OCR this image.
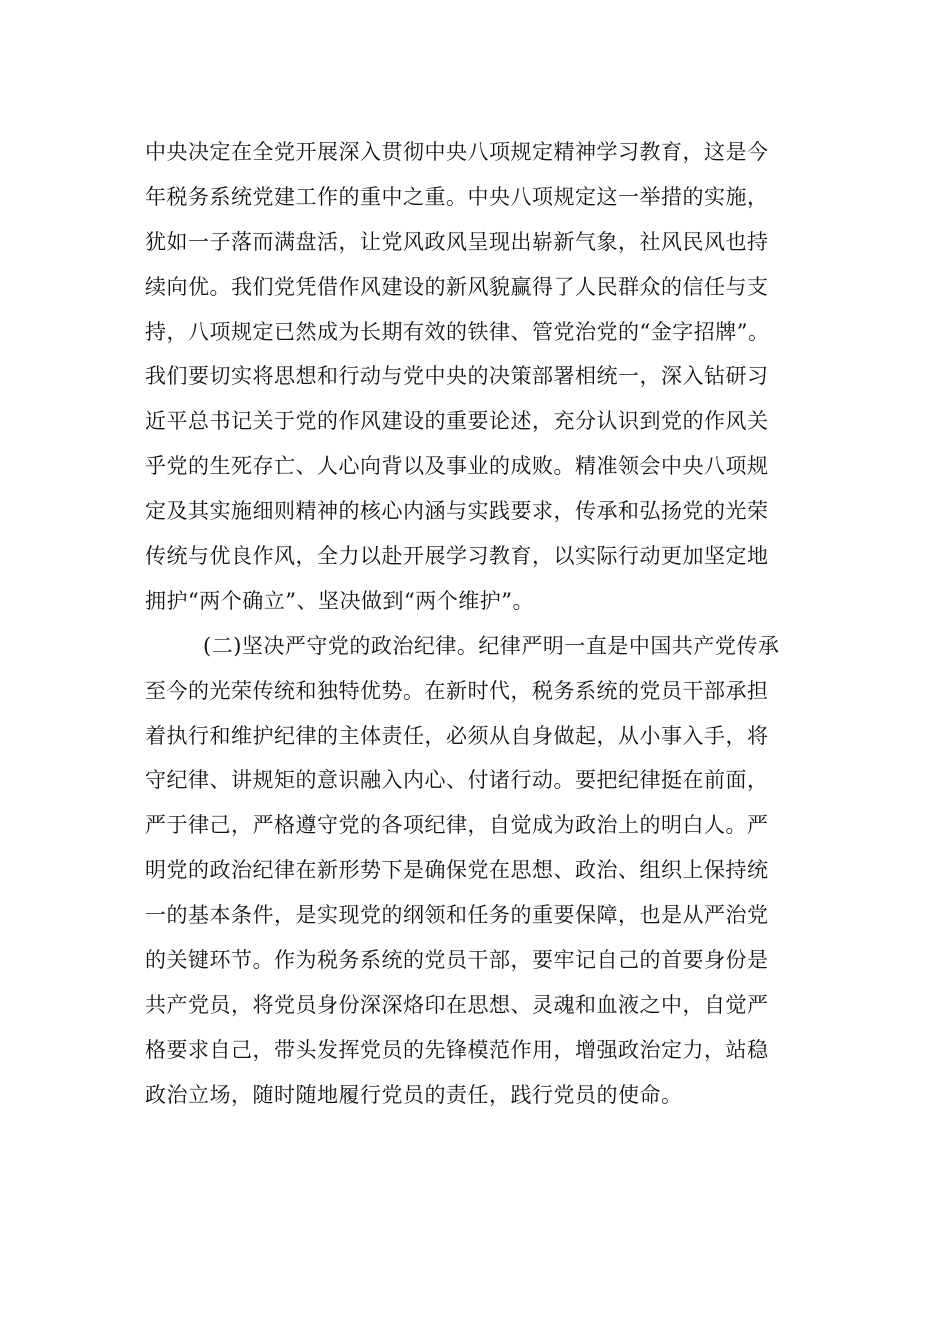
中央决定在全党开展深入贯彻中央八项规定精神学习教育，这是今
年税务系统党建工作的重中之重。中央八项规定这一举措的实施，
犹如一子落而满盘活，让党风政风呈现出崭新气象，社风民风也持
续向优。我们党凭借作风建设的新风貌赢得了人民群众的信任与支
持，八项规定已然成为长期有效的铁律、管党治党的“金字招牌”。
我们要切实将思想和行动与党中央的决策部署相统一，深入钻研习
近平总书记关于党的作风建设的重要论述，充分认识到党的作风关
乎党的生死存亡、人心向背以及事业的成败。精准领会中央八项规
定及其实施细则精神的核心内涵与实践要求，传承和弘扬党的光荣
传统与优良作风，全力以赴开展学习教育，以实际行动更加坚定地
拥护“两个确立”、坚决做到“两个维护”。
(二)坚决严守党的政治纪律。纪律严明一直是中国共产党传承
至今的光荣传统和独特优势。在新时代，税务系统的党员干部承担
着执行和维护纪律的主体责任，必须从自身做起，从小事入手，将
守纪律、讲规矩的意识融入内心、付诸行动。要把纪律挺在前面，
严于律己，严格遵守党的各项纪律，自觉成为政治上的明白人。严
明党的政治纪律在新形势下是确保党在思想、政治、组织上保持统
一的基本条件，是实现党的纲领和任务的重要保障，也是从严治党
的关键环节。作为税务系统的党员干部，要牢记自己的首要身份是
共产党员，将党员身份深深烙印在思想、灵魂和血液之中，自觉严
格要求自己，带头发挥党员的先锋模范作用，增强政治定力，站稳
政治立场，随时随地履行党员的责任，践行党员的使命。
